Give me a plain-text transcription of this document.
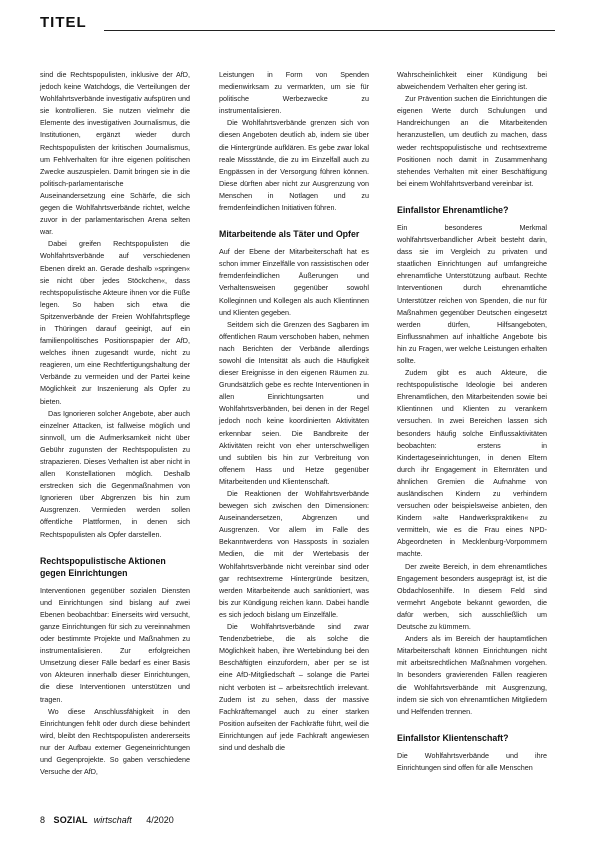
TITEL

sind die Rechtspopulisten, inklusive der AfD, jedoch keine Watchdogs, die Verteilungen der Wohlfahrtsverbände investigativ aufspüren und sie kontrollieren. Sie nutzen vielmehr die Elemente des investigativen Journalismus, die Institutionen, ergänzt wieder durch Rechtspopulisten der kritischen Journalismus, um Fehlverhalten für ihre eigenen politischen Zwecke auszuspielen. Damit bringen sie in die politisch-parlamentarische Auseinandersetzung eine Schärfe, die sich gegen die Wohlfahrtsverbände richtet, welche zuvor in der parlamentarischen Arena selten war.

Dabei greifen Rechtspopulisten die Wohlfahrtsverbände auf verschiedenen Ebenen direkt an. Gerade deshalb »springen« sie nicht über jedes Stöckchen«, dass rechtspopulistische Akteure ihnen vor die Füße legen. So haben sich etwa die Spitzenverbände der Freien Wohlfahrtspflege in Thüringen darauf geeinigt, auf ein familienpolitisches Positionspapier der AfD, welches ihnen zugesandt wurde, nicht zu reagieren, um eine Rechtfertigungshaltung der Verbände zu vermeiden und der Partei keine Möglichkeit zur Inszenierung als Opfer zu bieten.

Das Ignorieren solcher Angebote, aber auch einzelner Attacken, ist fallweise möglich und sinnvoll, um die Aufmerksamkeit nicht über Gebühr zugunsten der Rechtspopulisten zu strapazieren. Dieses Verhalten ist aber nicht in allen Konstellationen möglich. Deshalb erstrecken sich die Gegenmaßnahmen von Ignorieren über Abgrenzen bis hin zum Ausgrenzen. Vermieden werden sollen öffentliche Plattformen, in denen sich Rechtspopulisten als Opfer darstellen.

Rechtspopulistische Aktionen gegen Einrichtungen

Interventionen gegenüber sozialen Diensten und Einrichtungen sind bislang auf zwei Ebenen beobachtbar: Einerseits wird versucht, ganze Einrichtungen für sich zu vereinnahmen oder bestimmte Projekte und Maßnahmen zu instrumentalisieren. Zur erfolgreichen Umsetzung dieser Fälle bedarf es einer Basis von Akteuren innerhalb dieser Einrichtungen, die diese Interventionen unterstützen und tragen.

Wo diese Anschlussfähigkeit in den Einrichtungen fehlt oder durch diese behindert wird, bleibt den Rechtspopulisten andererseits nur der Aufbau externer Gegeneinrichtungen und Gegenprojekte. So gaben verschiedene Versuche der AfD,

Leistungen in Form von Spenden medienwirksam zu vermarkten, um sie für politische Werbezwecke zu instrumentalisieren.

Die Wohlfahrtsverbände grenzen sich von diesen Angeboten deutlich ab, indem sie über die Hintergründe aufklären. Es gebe zwar lokal reale Missstände, die zu im Einzelfall auch zu Engpässen in der Versorgung führen können. Diese dürften aber nicht zur Ausgrenzung von Menschen in Notlagen und zu fremdenfeindlichen Initiativen führen.

Mitarbeitende als Täter und Opfer

Auf der Ebene der Mitarbeiterschaft hat es schon immer Einzelfälle von rassistischen oder fremdenfeindlichen Äußerungen und Verhaltensweisen gegenüber sowohl Kolleginnen und Kollegen als auch Klientinnen und Klienten gegeben.

Seitdem sich die Grenzen des Sagbaren im öffentlichen Raum verschoben haben, nehmen nach Berichten der Verbände allerdings sowohl die Intensität als auch die Häufigkeit dieser Ereignisse in den eigenen Räumen zu. Grundsätzlich gebe es rechte Interventionen in allen Einrichtungsarten und Wohlfahrtsverbänden, bei denen in der Regel jedoch noch keine koordinierten Aktivitäten erkennbar seien. Die Bandbreite der Aktivitäten reicht von eher unterschwelligen und subtilen bis hin zur Verbreitung von offenem Hass und Hetze gegenüber Mitarbeitenden und Klientenschaft.

Die Reaktionen der Wohlfahrtsverbände bewegen sich zwischen den Dimensionen: Auseinandersetzen, Abgrenzen und Ausgrenzen. Vor allem im Falle des Bekanntwerdens von Hassposts in sozialen Medien, die mit der Wertebasis der Wohlfahrtsverbände nicht vereinbar sind oder gar rechtsextreme Hintergründe besitzen, werden Mitarbeitende auch sanktioniert, was bis zur Kündigung reichen kann. Dabei handle es sich jedoch bislang um Einzelfälle.

Die Wohlfahrtsverbände sind zwar Tendenzbetriebe, die als solche die Möglichkeit haben, ihre Wertebindung bei den Beschäftigten einzufordern, aber per se ist eine AfD-Mitgliedschaft – solange die Partei nicht verboten ist – arbeitsrechtlich irrelevant. Zudem ist zu sehen, dass der massive Fachkräftemangel auch zu einer starken Position aufseiten der Fachkräfte führt, weil die Einrichtungen auf jede Fachkraft angewiesen sind und deshalb die

Wahrscheinlichkeit einer Kündigung bei abweichendem Verhalten eher gering ist.

Zur Prävention suchen die Einrichtungen die eigenen Werte durch Schulungen und Handreichungen an die Mitarbeitenden heranzustellen, um deutlich zu machen, dass weder rechtspopulistische und rechtsextreme Positionen noch damit in Zusammenhang stehendes Verhalten mit einer Beschäftigung bei einem Wohlfahrtsverband vereinbar ist.

Einfallstor Ehrenamtliche?

Ein besonderes Merkmal wohlfahrtsverbandlicher Arbeit besteht darin, dass sie im Vergleich zu privaten und staatlichen Einrichtungen auf umfangreiche ehrenamtliche Unterstützung aufbaut. Rechte Interventionen durch ehrenamtliche Unterstützer reichen von Spenden, die nur für Maßnahmen gegenüber Deutschen eingesetzt werden dürfen, Hilfsangeboten, Einflussnahmen auf inhaltliche Angebote bis hin zu Fragen, wer welche Leistungen erhalten sollte.

Zudem gibt es auch Akteure, die rechtspopulistische Ideologie bei anderen Ehrenamtlichen, den Mitarbeitenden sowie bei Klientinnen und Klienten zu verankern versuchen. In zwei Bereichen lassen sich besonders häufig solche Einflussaktivitäten beobachten: erstens in Kindertageseinrichtungen, in denen Eltern durch ihr Engagement in Elternräten und ähnlichen Gremien die Aufnahme von ausländischen Kindern zu verhindern versuchen oder beispielsweise anbieten, den Kindern »alte Handwerkspraktiken« zu vermitteln, wie es die Frau eines NPD-Abgeordneten in Mecklenburg-Vorpommern machte.

Der zweite Bereich, in dem ehrenamtliches Engagement besonders ausgeprägt ist, ist die Obdachlosenhilfe. In diesem Feld sind vermehrt Angebote bekannt geworden, die dafür werben, sich ausschließlich um Deutsche zu kümmern.

Anders als im Bereich der hauptamtlichen Mitarbeiterschaft können Einrichtungen nicht mit arbeitsrechtlichen Maßnahmen vorgehen. In besonders gravierenden Fällen reagieren die Wohlfahrtsverbände mit Ausgrenzung, indem sie sich von ehrenamtlichen Mitgliedern und Helfenden trennen.

Einfallstor Klientenschaft?

Die Wohlfahrtsverbände und ihre Einrichtungen sind offen für alle Menschen

8 SOZIAL wirtschaft 4/2020
